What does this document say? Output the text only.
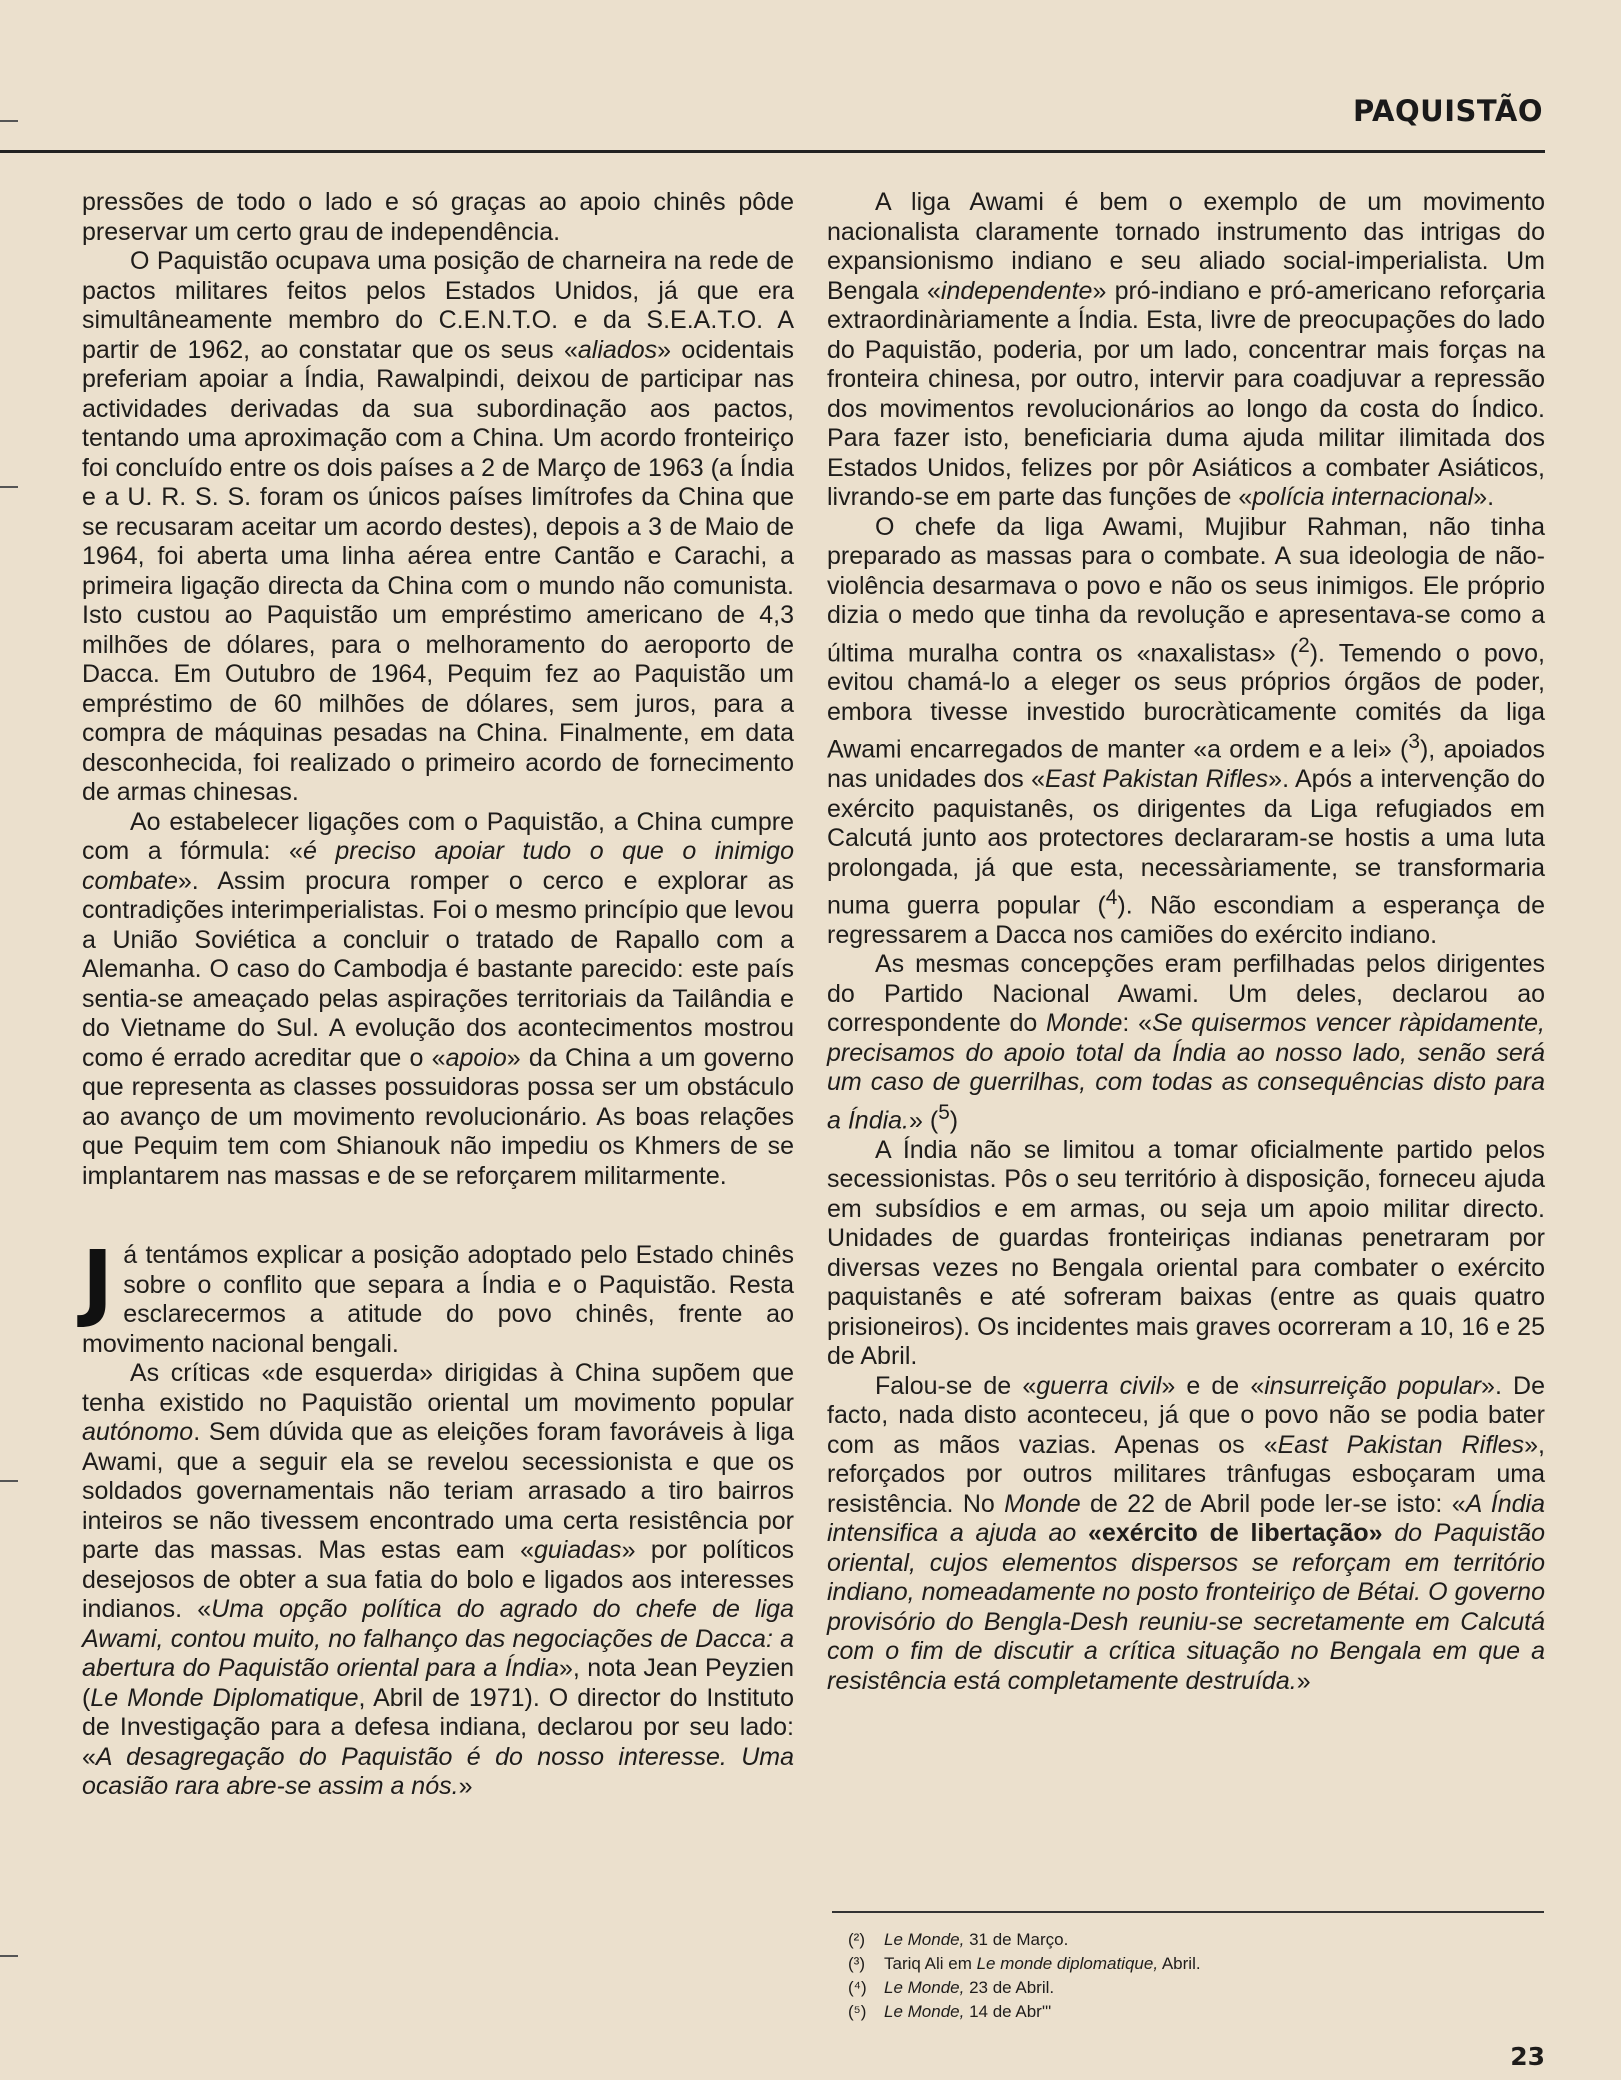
PAQUISTÃO

pressões de todo o lado e só graças ao apoio chinês pôde preservar um certo grau de independência.

O Paquistão ocupava uma posição de charneira na rede de pactos militares feitos pelos Estados Unidos, já que era simultâneamente membro do C.E.N.T.O. e da S.E.A.T.O. A partir de 1962, ao constatar que os seus «aliados» ocidentais preferiam apoiar a Índia, Rawalpindi, deixou de participar nas actividades derivadas da sua subordinação aos pactos, tentando uma aproximação com a China. Um acordo fronteiriço foi concluído entre os dois países a 2 de Março de 1963 (a Índia e a U. R. S. S. foram os únicos países limítrofes da China que se recusaram aceitar um acordo destes), depois a 3 de Maio de 1964, foi aberta uma linha aérea entre Cantão e Carachi, a primeira ligação directa da China com o mundo não comunista. Isto custou ao Paquistão um empréstimo americano de 4,3 milhões de dólares, para o melhoramento do aeroporto de Dacca. Em Outubro de 1964, Pequim fez ao Paquistão um empréstimo de 60 milhões de dólares, sem juros, para a compra de máquinas pesadas na China. Finalmente, em data desconhecida, foi realizado o primeiro acordo de fornecimento de armas chinesas.

Ao estabelecer ligações com o Paquistão, a China cumpre com a fórmula: «é preciso apoiar tudo o que o inimigo combate». Assim procura romper o cerco e explorar as contradições interimperialistas. Foi o mesmo princípio que levou a União Soviética a concluir o tratado de Rapallo com a Alemanha. O caso do Cambodja é bastante parecido: este país sentia-se ameaçado pelas aspirações territoriais da Tailândia e do Vietname do Sul. A evolução dos acontecimentos mostrou como é errado acreditar que o «apoio» da China a um governo que representa as classes possuidoras possa ser um obstáculo ao avanço de um movimento revolucionário. As boas relações que Pequim tem com Shianouk não impediu os Khmers de se implantarem nas massas e de se reforçarem militarmente.

Já tentámos explicar a posição adoptado pelo Estado chinês sobre o conflito que separa a Índia e o Paquistão. Resta esclarecermos a atitude do povo chinês, frente ao movimento nacional bengali.

As críticas «de esquerda» dirigidas à China supõem que tenha existido no Paquistão oriental um movimento popular autónomo. Sem dúvida que as eleições foram favoráveis à liga Awami, que a seguir ela se revelou secessionista e que os soldados governamentais não teriam arrasado a tiro bairros inteiros se não tivessem encontrado uma certa resistência por parte das massas. Mas estas eam «guiadas» por políticos desejosos de obter a sua fatia do bolo e ligados aos interesses indianos. «Uma opção política do agrado do chefe de liga Awami, contou muito, no falhanço das negociações de Dacca: a abertura do Paquistão oriental para a Índia», nota Jean Peyzien (Le Monde Diplomatique, Abril de 1971). O director do Instituto de Investigação para a defesa indiana, declarou por seu lado: «A desagregação do Paquistão é do nosso interesse. Uma ocasião rara abre-se assim a nós.»

A liga Awami é bem o exemplo de um movimento nacionalista claramente tornado instrumento das intrigas do expansionismo indiano e seu aliado social-imperialista. Um Bengala «independente» pró-indiano e pró-americano reforçaria extraordinàriamente a Índia. Esta, livre de preocupações do lado do Paquistão, poderia, por um lado, concentrar mais forças na fronteira chinesa, por outro, intervir para coadjuvar a repressão dos movimentos revolucionários ao longo da costa do Índico. Para fazer isto, beneficiaria duma ajuda militar ilimitada dos Estados Unidos, felizes por pôr Asiáticos a combater Asiáticos, livrando-se em parte das funções de «polícia internacional».

O chefe da liga Awami, Mujibur Rahman, não tinha preparado as massas para o combate. A sua ideologia de não-violência desarmava o povo e não os seus inimigos. Ele próprio dizia o medo que tinha da revolução e apresentava-se como a última muralha contra os «naxalistas» ($^2$). Temendo o povo, evitou chamá-lo a eleger os seus próprios órgãos de poder, embora tivesse investido burocràticamente comités da liga Awami encarregados de manter «a ordem e a lei» ($^3$), apoiados nas unidades dos «East Pakistan Rifles». Após a intervenção do exército paquistanês, os dirigentes da Liga refugiados em Calcutá junto aos protectores declararam-se hostis a uma luta prolongada, já que esta, necessàriamente, se transformaria numa guerra popular ($^4$). Não escondiam a esperança de regressarem a Dacca nos camiões do exército indiano.

As mesmas concepções eram perfilhadas pelos dirigentes do Partido Nacional Awami. Um deles, declarou ao correspondente do Monde: «Se quisermos vencer ràpidamente, precisamos do apoio total da Índia ao nosso lado, senão será um caso de guerrilhas, com todas as consequências disto para a Índia.» ($^5$)

A Índia não se limitou a tomar oficialmente partido pelos secessionistas. Pôs o seu território à disposição, forneceu ajuda em subsídios e em armas, ou seja um apoio militar directo. Unidades de guardas fronteiriças indianas penetraram por diversas vezes no Bengala oriental para combater o exército paquistanês e até sofreram baixas (entre as quais quatro prisioneiros). Os incidentes mais graves ocorreram a 10, 16 e 25 de Abril.

Falou-se de «guerra civil» e de «insurreição popular». De facto, nada disto aconteceu, já que o povo não se podia bater com as mãos vazias. Apenas os «East Pakistan Rifles», reforçados por outros militares trânfugas esboçaram uma resistência. No Monde de 22 de Abril pode ler-se isto: «A Índia intensifica a ajuda ao «exército de libertação» do Paquistão oriental, cujos elementos dispersos se reforçam em território indiano, nomeadamente no posto fronteiriço de Bétai. O governo provisório do Bengla-Desh reuniu-se secretamente em Calcutá com o fim de discutir a crítica situação no Bengala em que a resistência está completamente destruída.»

(²) Le Monde, 31 de Março.
(³) Tariq Ali em Le monde diplomatique, Abril.
(⁴) Le Monde, 23 de Abril.
(⁵) Le Monde, 14 de Abr'"
23
